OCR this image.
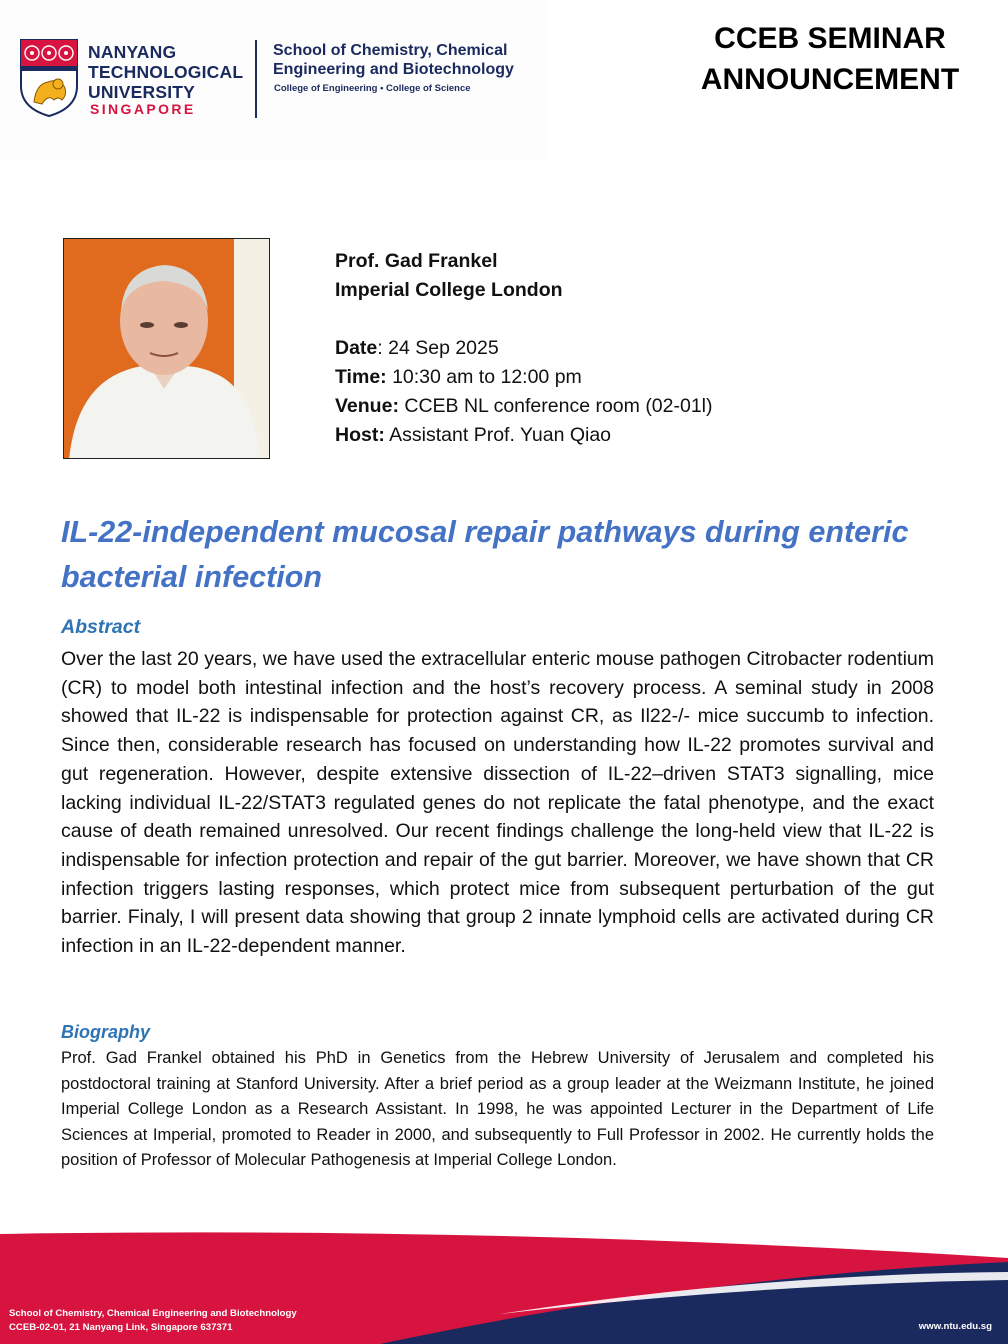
NANYANG
TECHNOLOGICAL
UNIVERSITY
SINGAPORE
School of Chemistry, Chemical
Engineering and Biotechnology
College of Engineering • College of Science
CCEB SEMINAR
ANNOUNCEMENT
Prof. Gad Frankel
Imperial College London
Date: 24 Sep 2025
Time: 10:30 am to 12:00 pm
Venue: CCEB NL conference room (02-01l)
Host: Assistant Prof. Yuan Qiao
IL-22-independent mucosal repair pathways during enteric bacterial infection
Abstract
Over the last 20 years, we have used the extracellular enteric mouse pathogen Citrobacter rodentium (CR) to model both intestinal infection and the host’s recovery process. A seminal study in 2008 showed that IL-22 is indispensable for protection against CR, as Il22-/- mice succumb to infection. Since then, considerable research has focused on understanding how IL-22 promotes survival and gut regeneration. However, despite extensive dissection of IL-22–driven STAT3 signalling, mice lacking individual IL-22/STAT3 regulated genes do not replicate the fatal phenotype, and the exact cause of death remained unresolved. Our recent findings challenge the long-held view that IL-22 is indispensable for infection protection and repair of the gut barrier. Moreover, we have shown that CR infection triggers lasting responses, which protect mice from subsequent perturbation of the gut barrier. Finaly, I will present data showing that group 2 innate lymphoid cells are activated during CR infection in an IL-22-dependent manner.
Biography
Prof. Gad Frankel obtained his PhD in Genetics from the Hebrew University of Jerusalem and completed his postdoctoral training at Stanford University. After a brief period as a group leader at the Weizmann Institute, he joined Imperial College London as a Research Assistant. In 1998, he was appointed Lecturer in the Department of Life Sciences at Imperial, promoted to Reader in 2000, and subsequently to Full Professor in 2002. He currently holds the position of Professor of Molecular Pathogenesis at Imperial College London.
School of Chemistry, Chemical Engineering and Biotechnology
CCEB-02-01, 21 Nanyang Link, Singapore 637371	www.ntu.edu.sg
